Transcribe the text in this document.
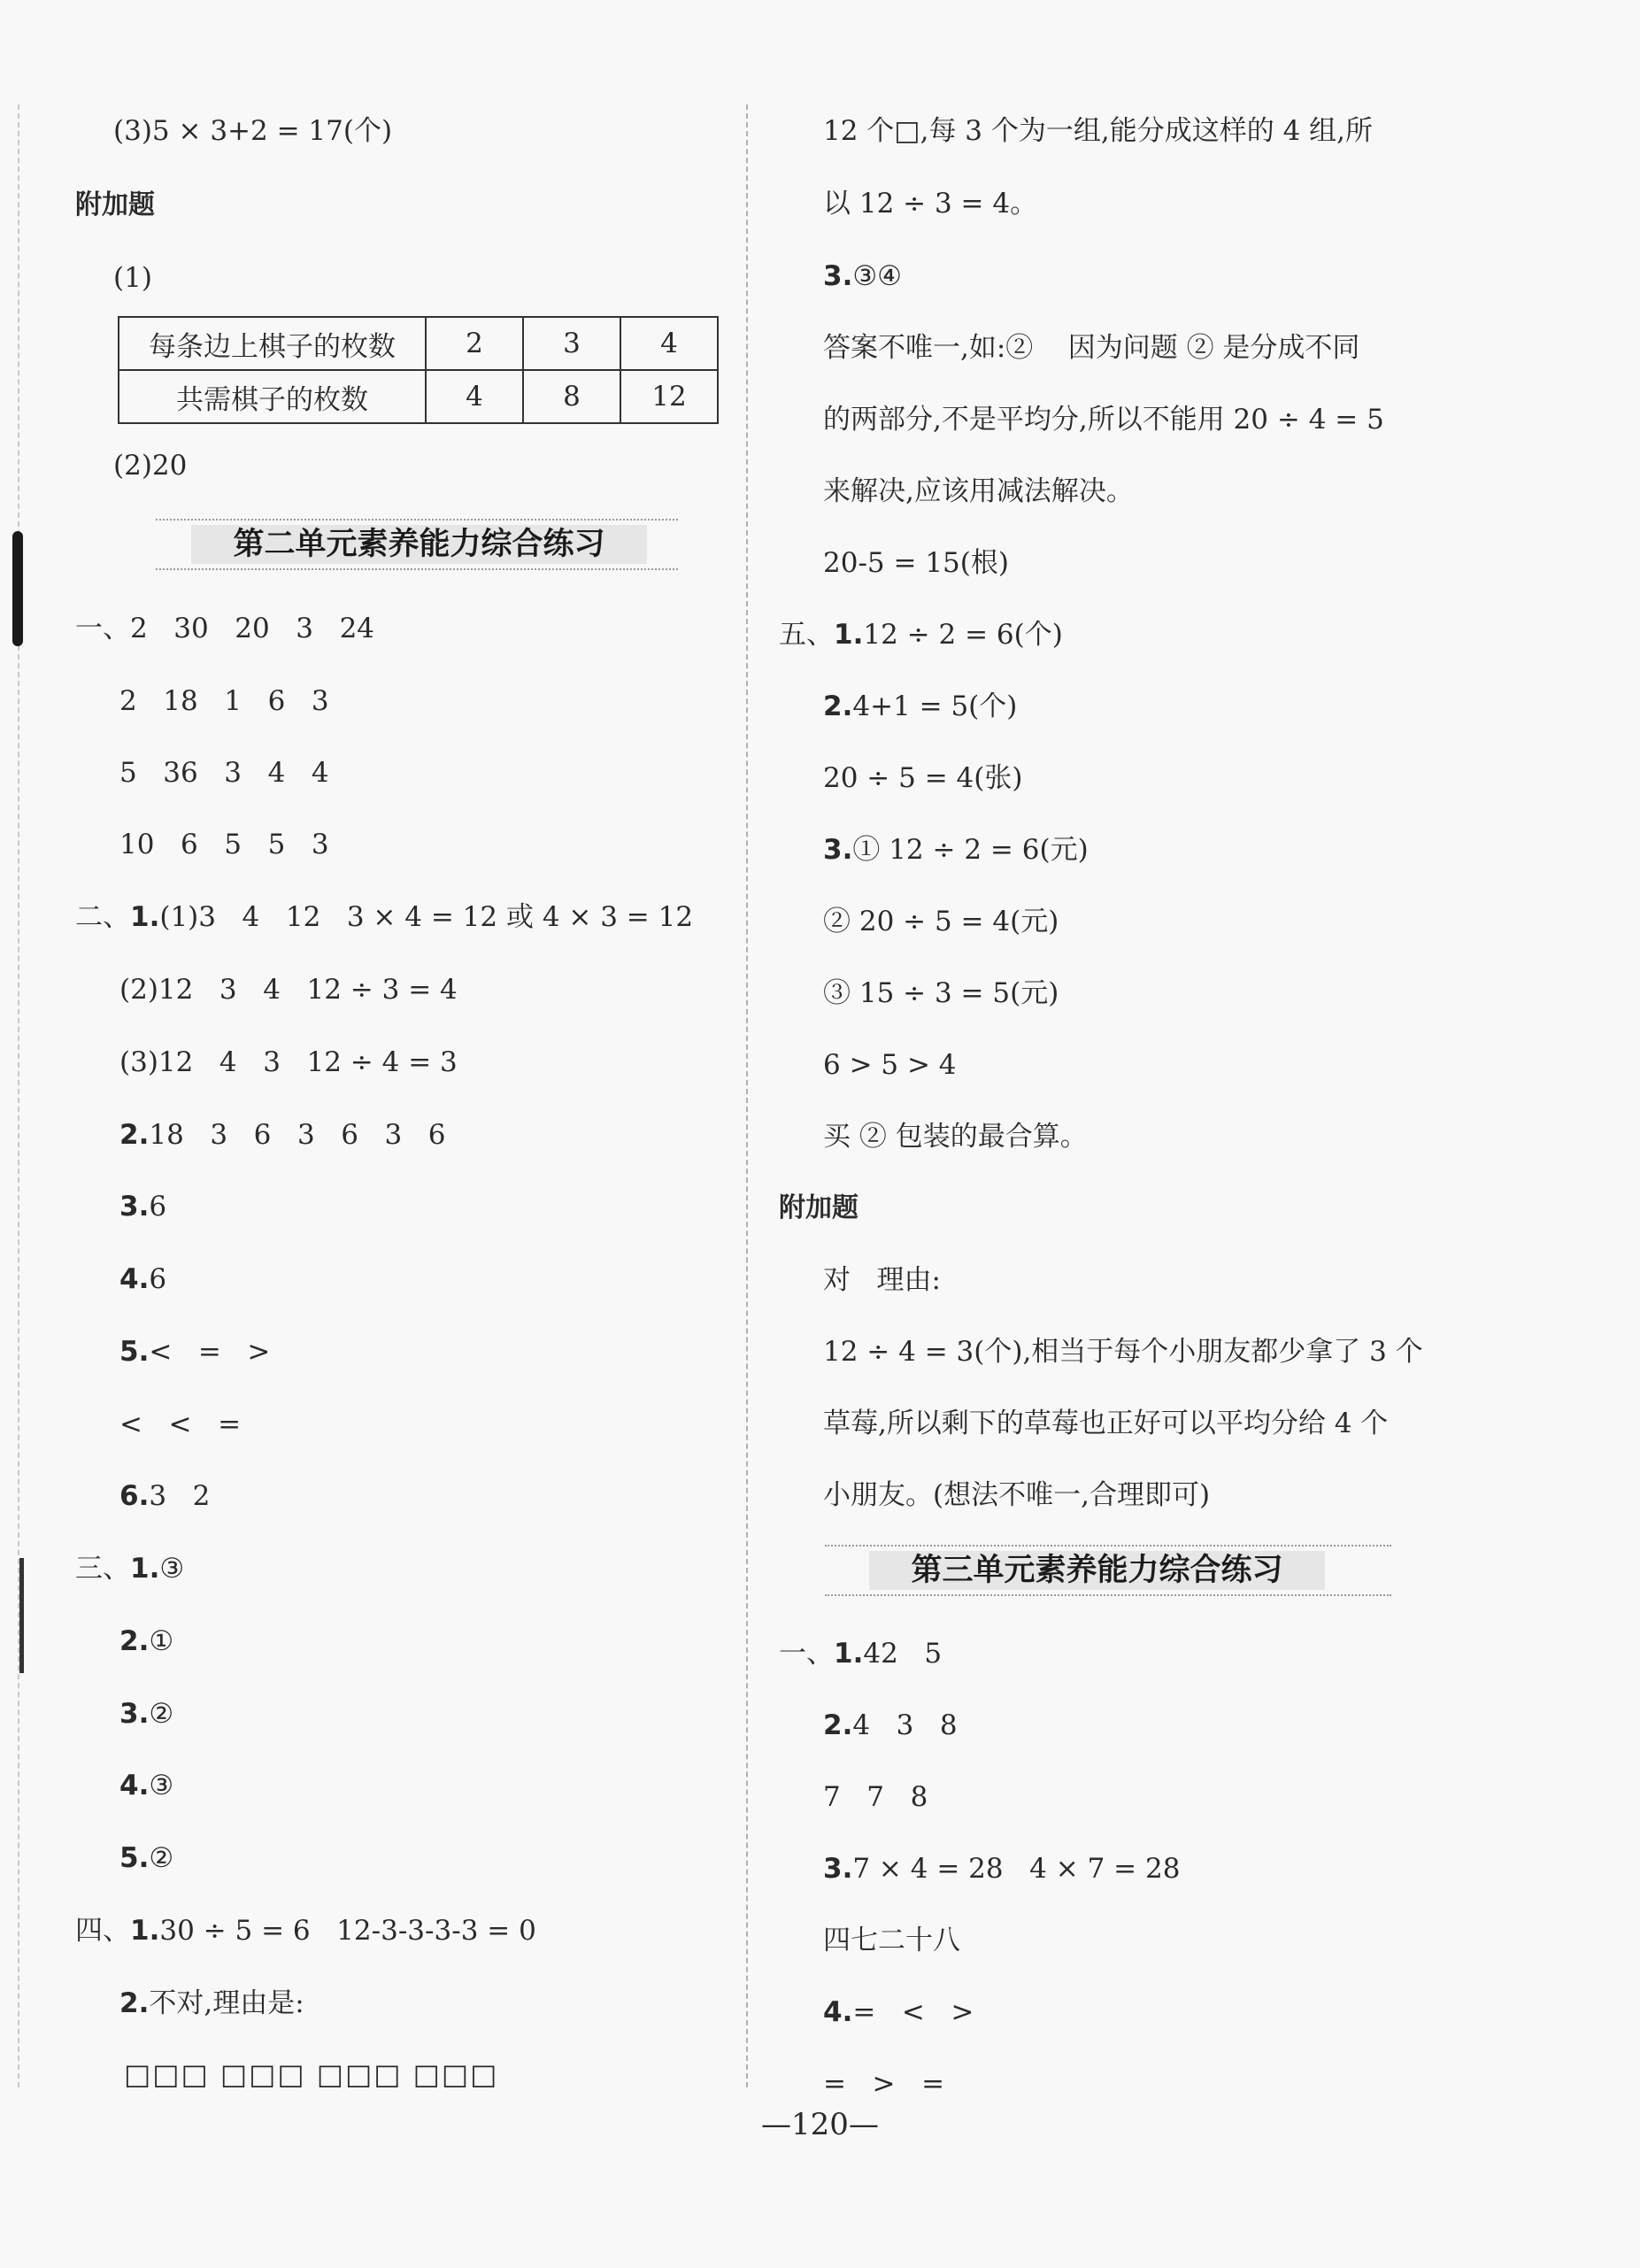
(3)5 × 3+2 = 17(个)
附加题
(1)
每条边上棋子的枚数	2	3	4
共需棋子的枚数	4	8	12
(2)20
第二单元素养能力综合练习
一、2   30   20   3   24
2   18   1   6   3
5   36   3   4   4
10   6   5   5   3
二、1.(1)3   4   12   3 × 4 = 12 或 4 × 3 = 12
(2)12   3   4   12 ÷ 3 = 4
(3)12   4   3   12 ÷ 4 = 3
2.18   3   6   3   6   3   6
3.6
4.6
5.<   =   >
<   <   =
6.3   2
三、1.③
2.①
3.②
4.③
5.②
四、1.30 ÷ 5 = 6   12-3-3-3-3 = 0
2.不对,理由是:
□□□ □□□ □□□ □□□
12 个□,每 3 个为一组,能分成这样的 4 组,所
以 12 ÷ 3 = 4。
3.③④
答案不唯一,如:②    因为问题 ② 是分成不同
的两部分,不是平均分,所以不能用 20 ÷ 4 = 5
来解决,应该用减法解决。
20-5 = 15(根)
五、1.12 ÷ 2 = 6(个)
2.4+1 = 5(个)
20 ÷ 5 = 4(张)
3.① 12 ÷ 2 = 6(元)
② 20 ÷ 5 = 4(元)
③ 15 ÷ 3 = 5(元)
6 > 5 > 4
买 ② 包装的最合算。
附加题
对   理由:
12 ÷ 4 = 3(个),相当于每个小朋友都少拿了 3 个
草莓,所以剩下的草莓也正好可以平均分给 4 个
小朋友。(想法不唯一,合理即可)
第三单元素养能力综合练习
一、1.42   5
2.4   3   8
7   7   8
3.7 × 4 = 28   4 × 7 = 28
四七二十八
4.=   <   >
=   >   =
—120—
